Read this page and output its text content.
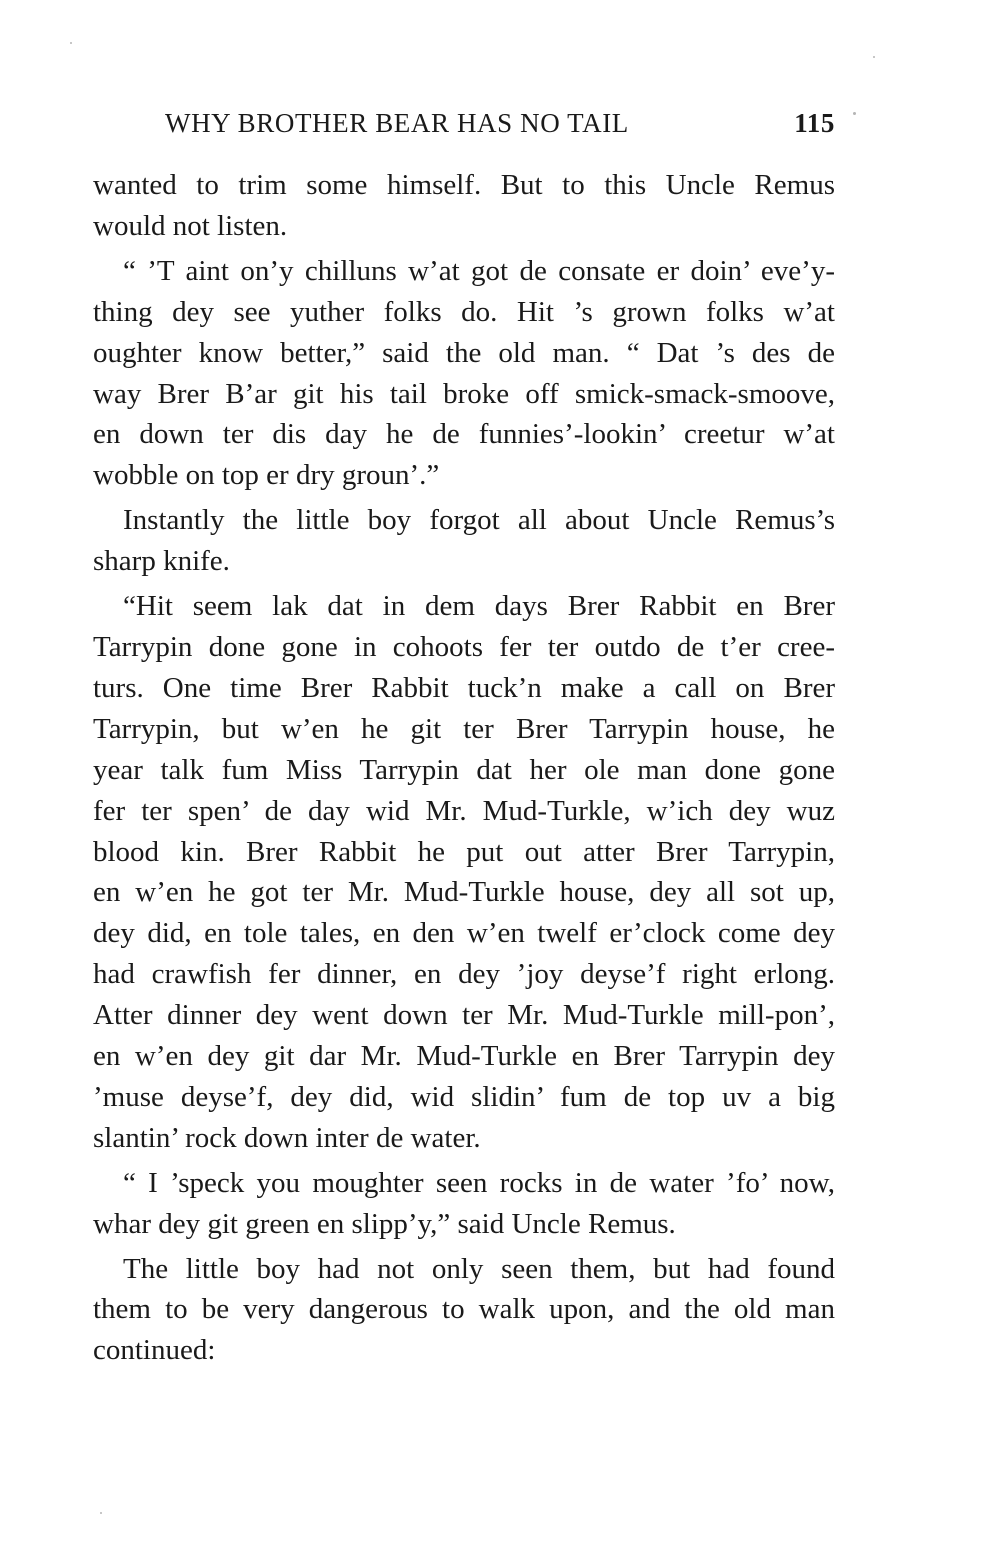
WHY BROTHER BEAR HAS NO TAIL	115

wanted to trim some himself. But to this Uncle Remus
would not listen.

“ ’T aint on’y chilluns w’at got de consate er doin’ eve’y-
thing dey see yuther folks do. Hit ’s grown folks w’at
oughter know better,” said the old man. “ Dat ’s des de
way Brer B’ar git his tail broke off smick-smack-smoove,
en down ter dis day he de funnies’-lookin’ creetur w’at
wobble on top er dry groun’.”

Instantly the little boy forgot all about Uncle Remus’s
sharp knife.

“Hit seem lak dat in dem days Brer Rabbit en Brer
Tarrypin done gone in cohoots fer ter outdo de t’er cree-
turs. One time Brer Rabbit tuck’n make a call on Brer
Tarrypin, but w’en he git ter Brer Tarrypin house, he
year talk fum Miss Tarrypin dat her ole man done gone
fer ter spen’ de day wid Mr. Mud-Turkle, w’ich dey wuz
blood kin. Brer Rabbit he put out atter Brer Tarrypin,
en w’en he got ter Mr. Mud-Turkle house, dey all sot up,
dey did, en tole tales, en den w’en twelf er’clock come dey
had crawfish fer dinner, en dey ’joy deyse’f right erlong.
Atter dinner dey went down ter Mr. Mud-Turkle mill-pon’,
en w’en dey git dar Mr. Mud-Turkle en Brer Tarrypin dey
’muse deyse’f, dey did, wid slidin’ fum de top uv a big
slantin’ rock down inter de water.

“ I ’speck you moughter seen rocks in de water ’fo’ now,
whar dey git green en slipp’y,” said Uncle Remus.

The little boy had not only seen them, but had found
them to be very dangerous to walk upon, and the old man
continued:
